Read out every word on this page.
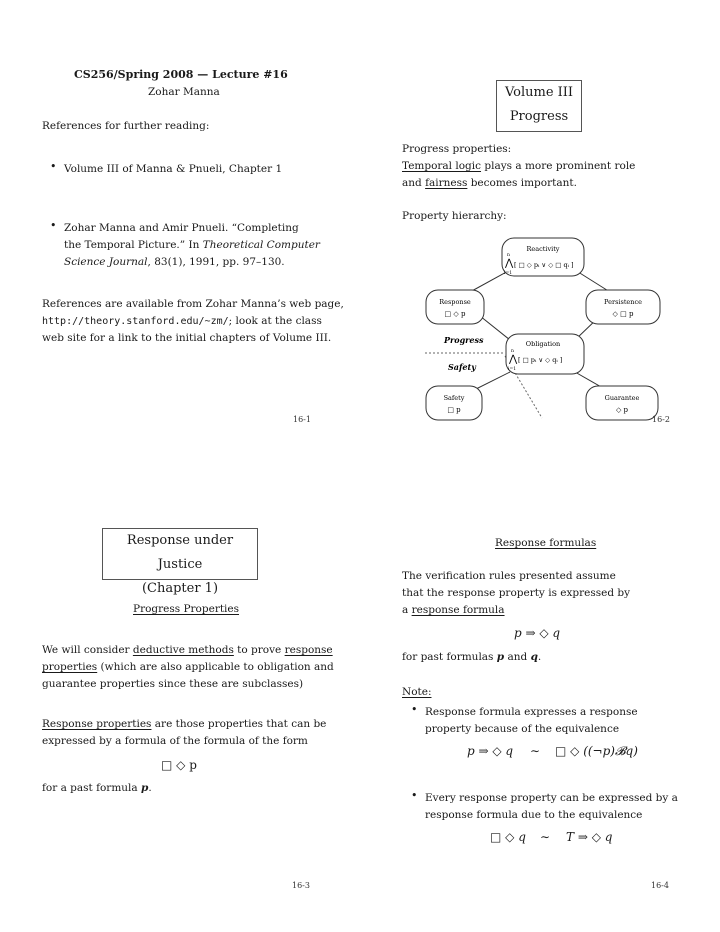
CS256/Spring 2008 — Lecture #16
Zohar Manna
References for further reading:
• Volume III of Manna & Pnueli, Chapter 1
• Zohar Manna and Amir Pnueli. “Completing
the Temporal Picture.” In Theoretical Computer
Science Journal, 83(1), 1991, pp. 97–130.
References are available from Zohar Manna’s web page,
http://theory.stanford.edu/~zm/; look at the class
web site for a link to the initial chapters of Volume III.
16-1
Volume III
Progress
Progress properties:
Temporal logic plays a more prominent role
and fairness becomes important.
Property hierarchy:
Reactivity
n
⋀
i=1
[ □ ◇ pᵢ ∨ ◇ □ qᵢ ]
Response
□ ◇ p
Persistence
◇ □ p
Obligation
n
⋀
i=1
[ □ pᵢ ∨ ◇ qᵢ ]
Progress
Safety
Safety
□ p
Guarantee
◇ p
16-2
Response under Justice
(Chapter 1)
Progress Properties
We will consider deductive methods to prove response
properties (which are also applicable to obligation and
guarantee properties since these are subclasses)
Response properties are those properties that can be
expressed by a formula of the formula of the form
□ ◇ p
for a past formula p.
16-3
Response formulas
The verification rules presented assume
that the response property is expressed by
a response formula
p ⇒ ◇ q
for past formulas p and q.
Note:
• Response formula expresses a response
property because of the equivalence
p ⇒ ◇ q ∼ □ ◇ ((¬p)𝓑q)
• Every response property can be expressed by a
response formula due to the equivalence
□ ◇ q ∼ T ⇒ ◇ q
16-4
